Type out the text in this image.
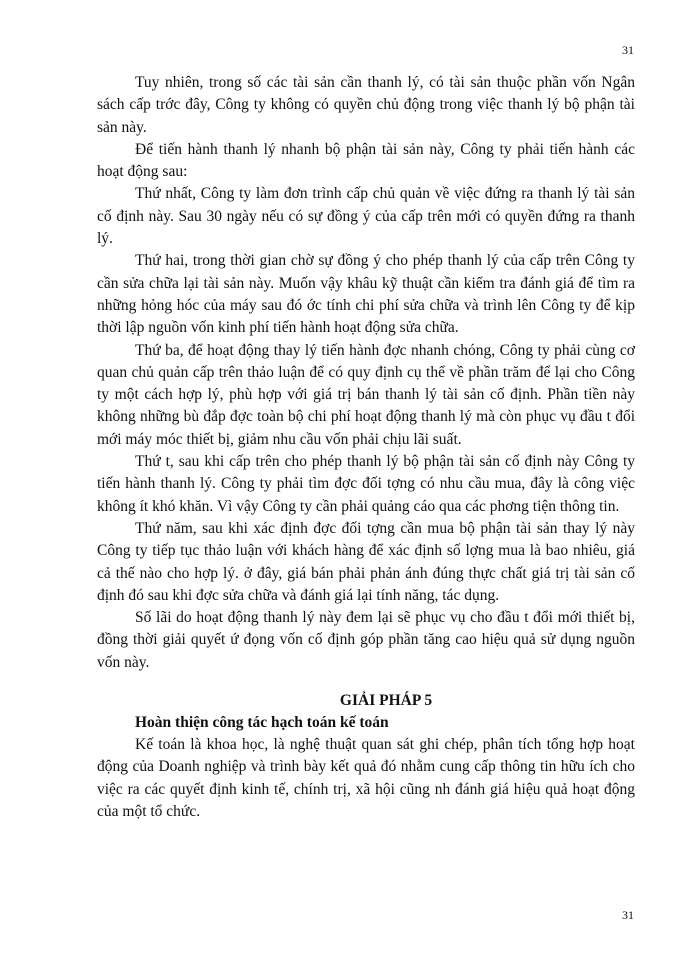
31

Tuy nhiên, trong số các tài sản cần thanh lý, có tài sản thuộc phần vốn Ngân sách cấp trớc đây, Công ty không có quyền chủ động trong việc thanh lý bộ phận tài sản này.

Để tiến hành thanh lý nhanh bộ phận tài sản này, Công ty phải tiến hành các hoạt động sau:

Thứ nhất, Công ty làm đơn trình cấp chủ quản về việc đứng ra thanh lý tài sản cố định này. Sau 30 ngày nếu có sự đồng ý của cấp trên mới có quyền đứng ra thanh lý.

Thứ hai, trong thời gian chờ sự đồng ý cho phép thanh lý của cấp trên Công ty cần sửa chữa lại tài sản này. Muốn vậy khâu kỹ thuật cần kiểm tra đánh giá để tìm ra những hỏng hóc của máy sau đó ớc tính chi phí sửa chữa và trình lên Công ty để kịp thời lập nguồn vốn kinh phí tiến hành hoạt động sửa chữa.

Thứ ba, để hoạt động thay lý tiến hành đợc nhanh chóng, Công ty phải cùng cơ quan chủ quản cấp trên thảo luận để có quy định cụ thể về phần trăm để lại cho Công ty một cách hợp lý, phù hợp với giá trị bán thanh lý tài sản cố định. Phần tiền này không những bù đắp đợc toàn bộ chi phí hoạt động thanh lý mà còn phục vụ đầu t đổi mới máy móc thiết bị, giảm nhu cầu vốn phải chịu lãi suất.

Thứ t, sau khi cấp trên cho phép thanh lý bộ phận tài sản cố định này Công ty tiến hành thanh lý. Công ty phải tìm đợc đối tợng có nhu cầu mua, đây là công việc không ít khó khăn. Vì vậy Công ty cần phải quảng cáo qua các phơng tiện thông tin.

Thứ năm, sau khi xác định đợc đối tợng cần mua bộ phận tài sản thay lý này Công ty tiếp tục thảo luận với khách hàng để xác định số lợng mua là bao nhiêu, giá cả thế nào cho hợp lý. ở đây, giá bán phải phản ánh đúng thực chất giá trị tài sản cố định đó sau khi đợc sửa chữa và đánh giá lại tính năng, tác dụng.

Số lãi do hoạt động thanh lý này đem lại sẽ phục vụ cho đầu t đổi mới thiết bị, đồng thời giải quyết ứ đọng vốn cố định góp phần tăng cao hiệu quả sử dụng nguồn vốn này.

GIẢI PHÁP 5
Hoàn thiện công tác hạch toán kế toán

Kế toán là khoa học, là nghệ thuật quan sát ghi chép, phân tích tổng hợp hoạt động của Doanh nghiệp và trình bày kết quả đó nhằm cung cấp thông tin hữu ích cho việc ra các quyết định kinh tế, chính trị, xã hội cũng nh đánh giá hiệu quả hoạt động của một tổ chức.

31
